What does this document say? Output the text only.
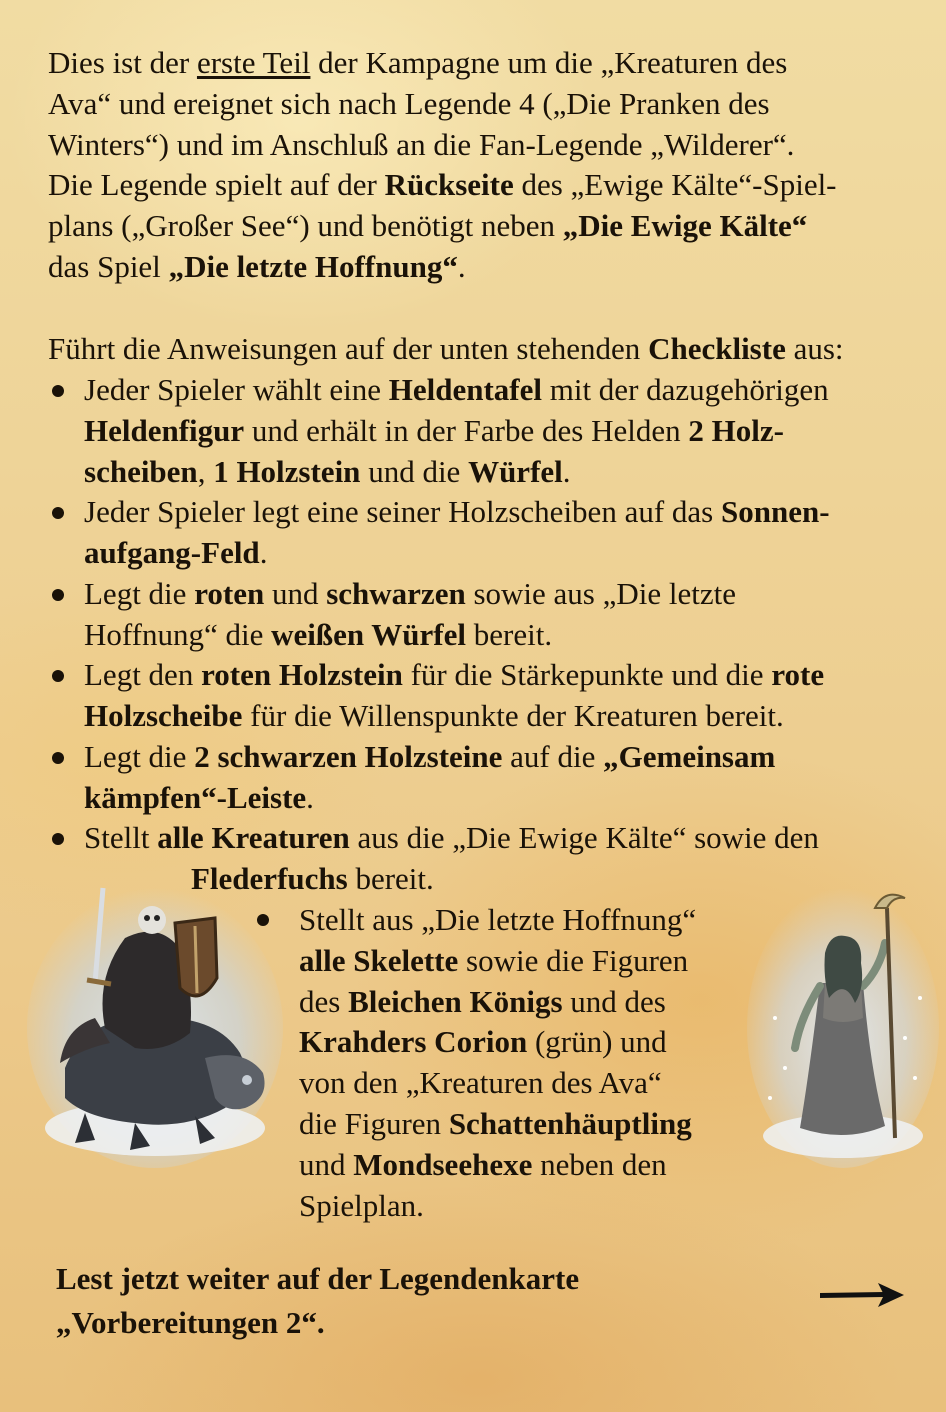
Dies ist der erste Teil der Kampagne um die „Kreaturen des
Ava“ und ereignet sich nach Legende 4 („Die Pranken des
Winters“) und im Anschluß an die Fan-Legende „Wilderer“.
Die Legende spielt auf der Rückseite des „Ewige Kälte“-Spiel-
plans („Großer See“) und benötigt neben „Die Ewige Kälte“
das Spiel „Die letzte Hoffnung“.
Führt die Anweisungen auf der unten stehenden Checkliste aus:
Jeder Spieler wählt eine Heldentafel mit der dazugehörigen
Heldenfigur und erhält in der Farbe des Helden 2 Holz-
scheiben, 1 Holzstein und die Würfel.
Jeder Spieler legt eine seiner Holzscheiben auf das Sonnen-
aufgang-Feld.
Legt die roten und schwarzen sowie aus „Die letzte
Hoffnung“ die weißen Würfel bereit.
Legt den roten Holzstein für die Stärkepunkte und die rote
Holzscheibe für die Willenspunkte der Kreaturen bereit.
Legt die 2 schwarzen Holzsteine auf die „Gemeinsam
kämpfen“-Leiste.
Stellt alle Kreaturen aus die „Die Ewige Kälte“ sowie den
Flederfuchs bereit.
Stellt aus „Die letzte Hoffnung“
alle Skelette sowie die Figuren
des Bleichen Königs und des
Krahders Corion (grün) und
von den „Kreaturen des Ava“
die Figuren Schattenhäuptling
und Mondseehexe neben den
Spielplan.
Lest jetzt weiter auf der Legendenkarte
„Vorbereitungen 2“.
